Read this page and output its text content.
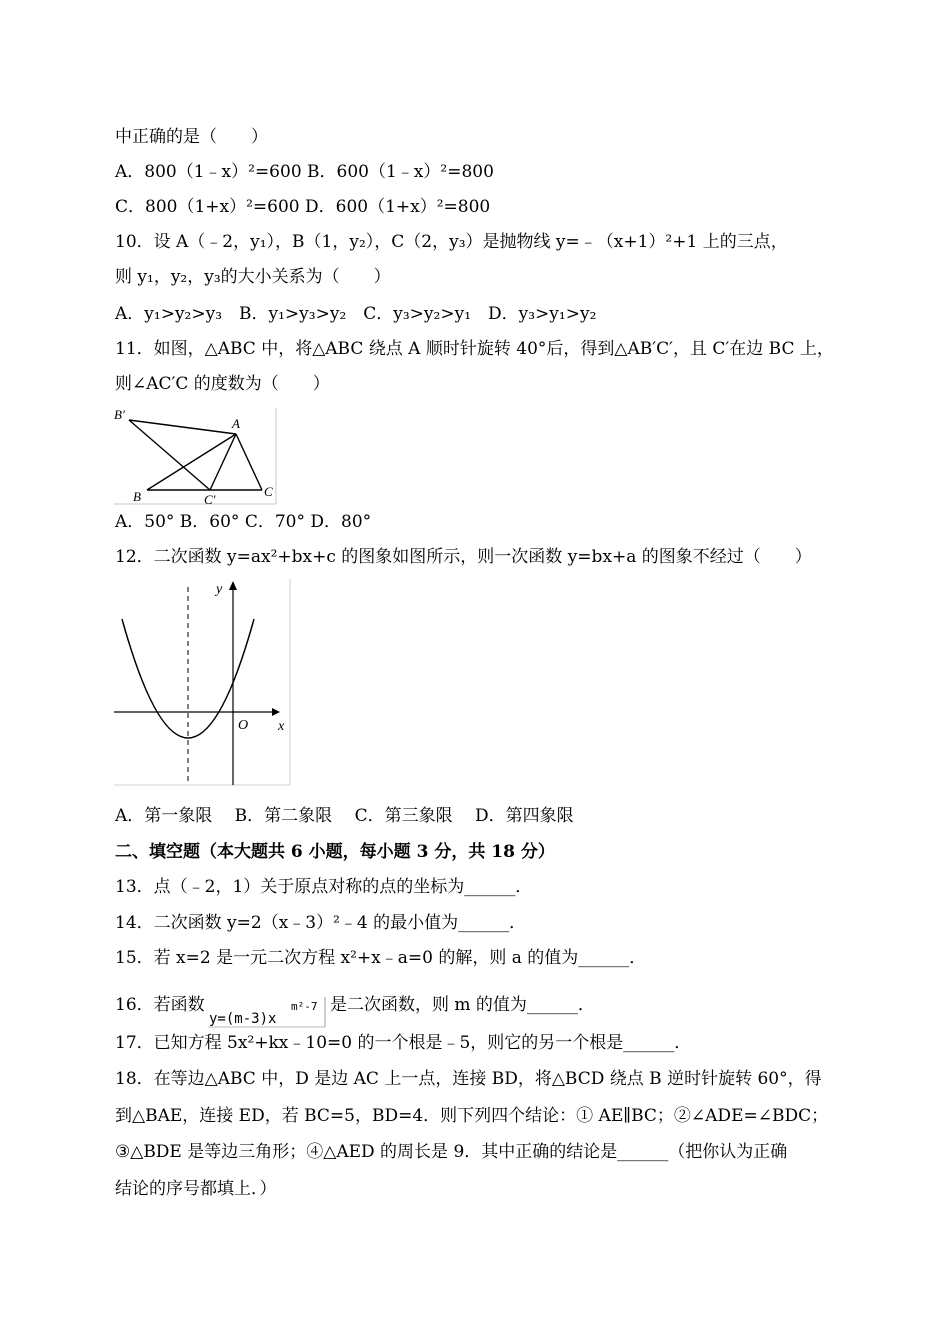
中正确的是（　　）
A．800（1﹣x）²=600 B．600（1﹣x）²=800
C．800（1+x）²=600 D．600（1+x）²=800
10．设 A（﹣2，y₁），B（1，y₂），C（2，y₃）是抛物线 y=﹣（x+1）²+1 上的三点，
则 y₁，y₂，y₃的大小关系为（　　）
A．y₁>y₂>y₃　B．y₁>y₃>y₂　C．y₃>y₂>y₁　D．y₃>y₁>y₂
11．如图，△ABC 中，将△ABC 绕点 A 顺时针旋转 40°后，得到△AB′C′，且 C′在边 BC 上，
则∠AC′C 的度数为（　　）
B′
A
B	C′
C
A．50° B．60° C．70° D．80°
12．二次函数 y=ax²+bx+c 的图象如图所示，则一次函数 y=bx+a 的图象不经过（　　）
y
x
O
A．第一象限　 B．第二象限　 C．第三象限　 D．第四象限
二、填空题（本大题共 6 小题，每小题 3 分，共 18 分）
13．点（﹣2，1）关于原点对称的点的坐标为______．
14．二次函数 y=2（x﹣3）²﹣4 的最小值为______．
15．若 x=2 是一元二次方程 x²+x﹣a=0 的解，则 a 的值为______．
16．若函数
y=(m-3)x
m²-7 是二次函数，则 m 的值为______．
17．已知方程 5x²+kx﹣10=0 的一个根是﹣5，则它的另一个根是______．
18．在等边△ABC 中，D 是边 AC 上一点，连接 BD，将△BCD 绕点 B 逆时针旋转 60°，得
到△BAE，连接 ED，若 BC=5，BD=4．则下列四个结论：① AE∥BC；②∠ADE=∠BDC；
③△BDE 是等边三角形；④△AED 的周长是 9．其中正确的结论是______（把你认为正确
结论的序号都填上．）
